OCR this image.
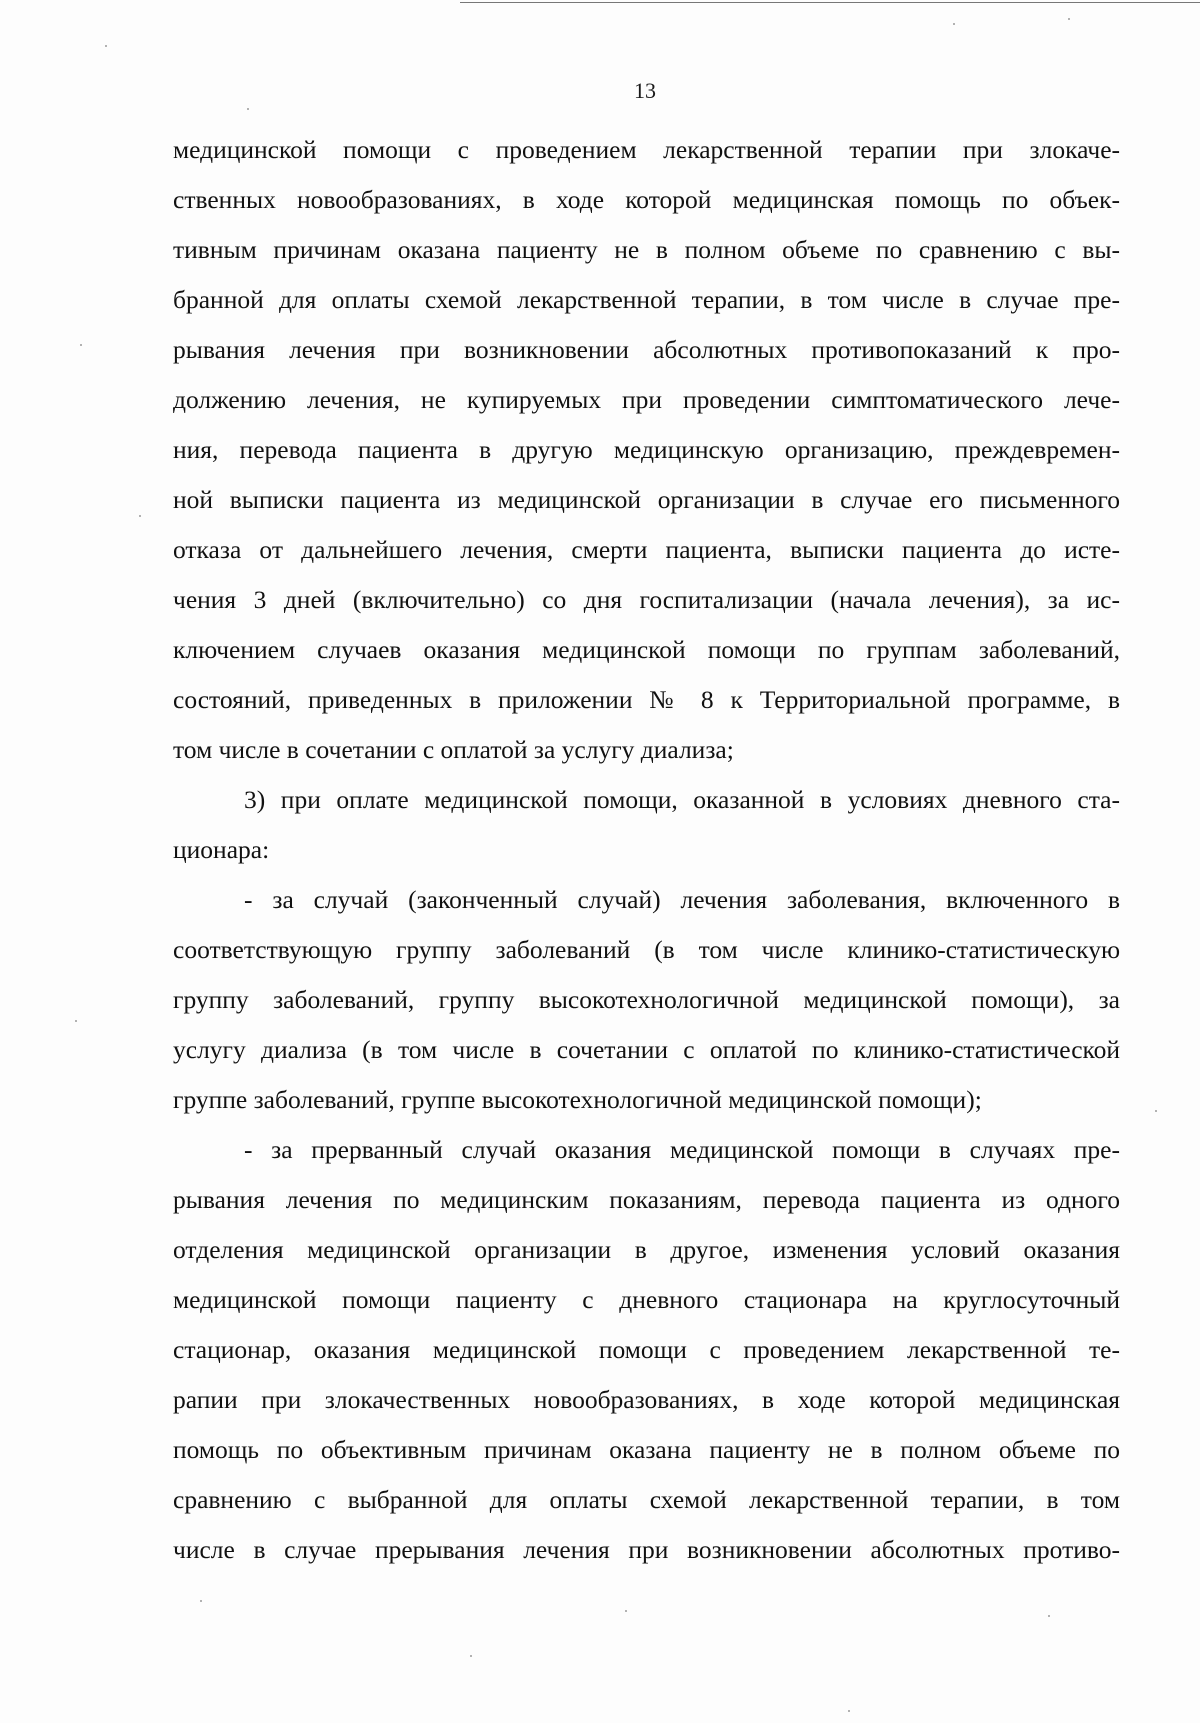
13

медицинской помощи с проведением лекарственной терапии при злокаче-

ственных новообразованиях, в ходе которой медицинская помощь по объек-

тивным причинам оказана пациенту не в полном объеме по сравнению с вы-

бранной для оплаты схемой лекарственной терапии, в том числе в случае пре-

рывания лечения при возникновении абсолютных противопоказаний к про-

должению лечения, не купируемых при проведении симптоматического лече-

ния, перевода пациента в другую медицинскую организацию, преждевремен-

ной выписки пациента из медицинской организации в случае его письменного

отказа от дальнейшего лечения, смерти пациента, выписки пациента до исте-

чения 3 дней (включительно) со дня госпитализации (начала лечения), за ис-

ключением случаев оказания медицинской помощи по группам заболеваний,

состояний, приведенных в приложении № 8 к Территориальной программе, в

том числе в сочетании с оплатой за услугу диализа;

3) при оплате медицинской помощи, оказанной в условиях дневного ста-

ционара:

- за случай (законченный случай) лечения заболевания, включенного в

соответствующую группу заболеваний (в том числе клинико-статистическую

группу заболеваний, группу высокотехнологичной медицинской помощи), за

услугу диализа (в том числе в сочетании с оплатой по клинико-статистической

группе заболеваний, группе высокотехнологичной медицинской помощи);

- за прерванный случай оказания медицинской помощи в случаях пре-

рывания лечения по медицинским показаниям, перевода пациента из одного

отделения медицинской организации в другое, изменения условий оказания

медицинской помощи пациенту с дневного стационара на круглосуточный

стационар, оказания медицинской помощи с проведением лекарственной те-

рапии при злокачественных новообразованиях, в ходе которой медицинская

помощь по объективным причинам оказана пациенту не в полном объеме по

сравнению с выбранной для оплаты схемой лекарственной терапии, в том

числе в случае прерывания лечения при возникновении абсолютных противо-
